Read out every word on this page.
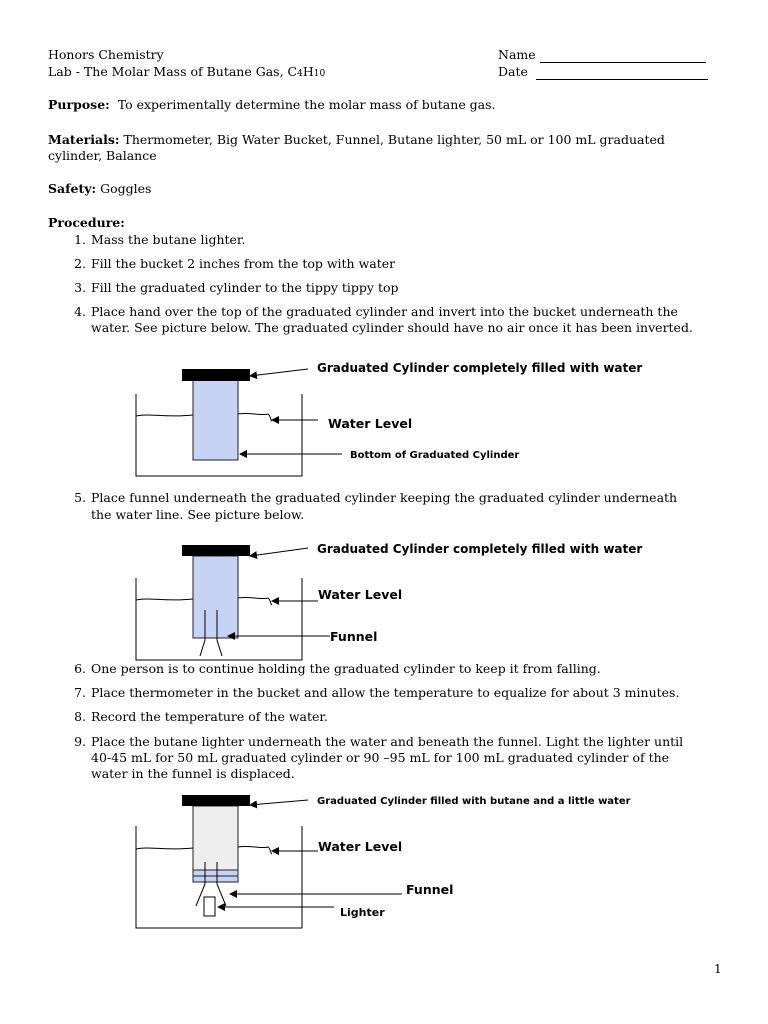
Honors Chemistry
Lab - The Molar Mass of Butane Gas, C4H10
Name
Date
Purpose: To experimentally determine the molar mass of butane gas.
Materials: Thermometer, Big Water Bucket, Funnel, Butane lighter, 50 mL or 100 mL graduated
cylinder, Balance
Safety: Goggles
Procedure:
1. Mass the butane lighter.
2. Fill the bucket 2 inches from the top with water
3. Fill the graduated cylinder to the tippy tippy top
4. Place hand over the top of the graduated cylinder and invert into the bucket underneath the
water. See picture below. The graduated cylinder should have no air once it has been inverted.
5. Place funnel underneath the graduated cylinder keeping the graduated cylinder underneath
the water line. See picture below.
6. One person is to continue holding the graduated cylinder to keep it from falling.
7. Place thermometer in the bucket and allow the temperature to equalize for about 3 minutes.
8. Record the temperature of the water.
9. Place the butane lighter underneath the water and beneath the funnel. Light the lighter until
40-45 mL for 50 mL graduated cylinder or 90 –95 mL for 100 mL graduated cylinder of the
water in the funnel is displaced.
Graduated Cylinder completely filled with water
Water Level
Bottom of Graduated Cylinder
Graduated Cylinder completely filled with water
Water Level
Funnel
Graduated Cylinder filled with butane and a little water
Water Level
Funnel
Lighter
1
